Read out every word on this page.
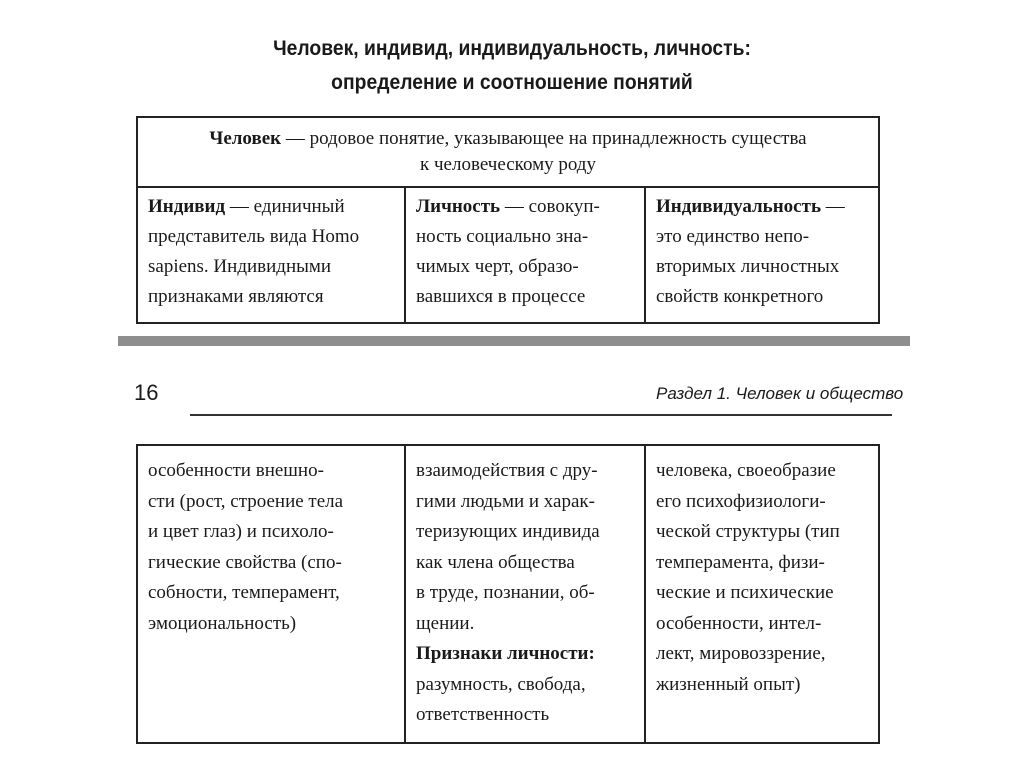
Человек, индивид, индивидуальность, личность:
определение и соотношение понятий
Человек — родовое понятие, указывающее на принадлежность существа
к человеческому роду
Индивид — единичный
представитель вида Homo
sapiens. Индивидными
признаками являются
Личность — совокуп-
ность социально зна-
чимых черт, образо-
вавшихся в процессе
Индивидуальность —
это единство непо-
вторимых личностных
свойств конкретного
16	Раздел 1. Человек и общество
особенности внешно-
сти (рост, строение тела
и цвет глаз) и психоло-
гические свойства (спо-
собности, темперамент,
эмоциональность)
взаимодействия с дру-
гими людьми и харак-
теризующих индивида
как члена общества
в труде, познании, об-
щении.
Признаки личности:
разумность, свобода,
ответственность
человека, своеобразие
его психофизиологи-
ческой структуры (тип
темперамента, физи-
ческие и психические
особенности, интел-
лект, мировоззрение,
жизненный опыт)
